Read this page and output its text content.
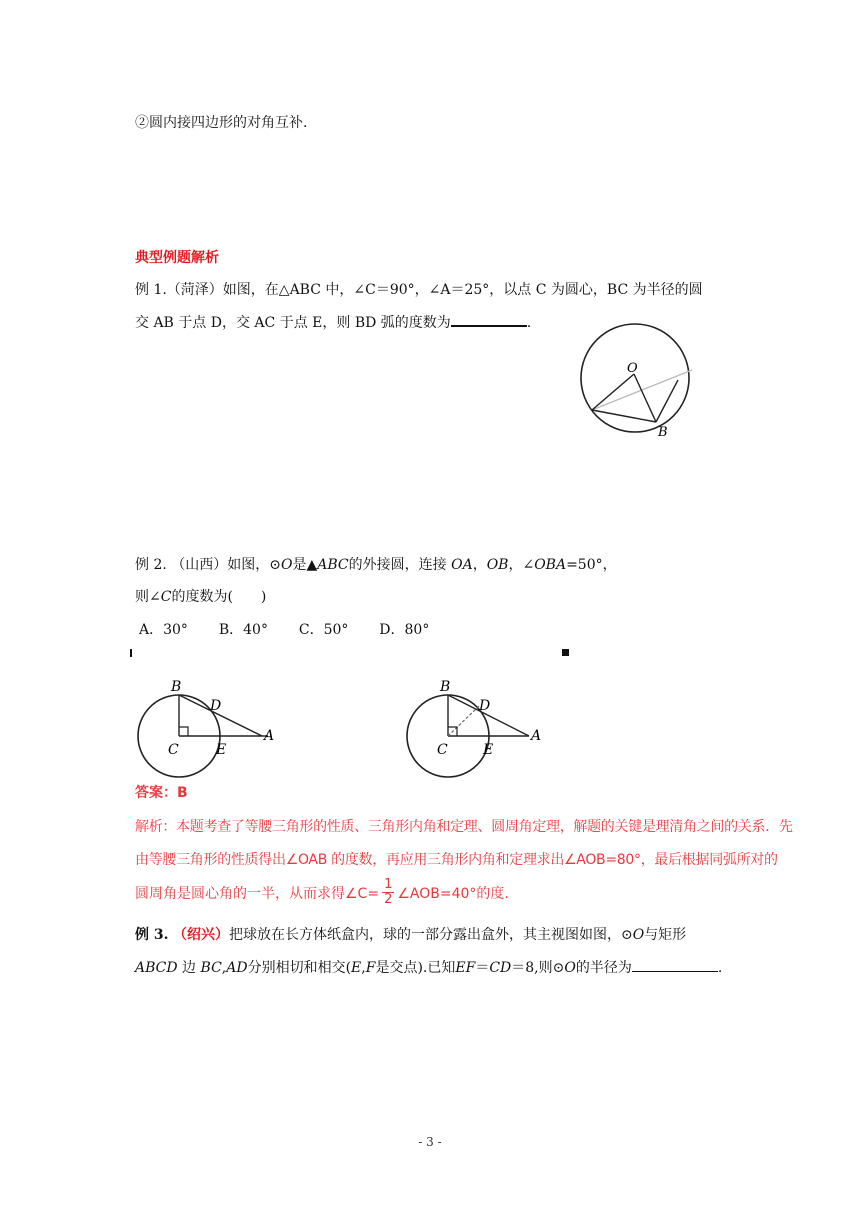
②圆内接四边形的对角互补.
典型例题解析
例 1.（菏泽）如图，在△ABC 中，∠C＝90°，∠A＝25°，以点 C 为圆心，BC 为半径的圆
交 AB 于点 D，交 AC 于点 E，则 BD 弧的度数为	.
O
B
例 2. （山西）如图，⊙O是▲ABC的外接圆，连接 OA，OB，∠OBA=50°，
则∠C的度数为(　　)
A．30° B．40° C．50° D．80°
B
D
C	E
A
B
D
C	E
A
答案：B
解析：本题考查了等腰三角形的性质、三角形内角和定理、圆周角定理，解题的关键是理清角之间的关系．先
由等腰三角形的性质得出∠OAB 的度数，再应用三角形内角和定理求出∠AOB=80°，最后根据同弧所对的
圆周角是圆心角的一半，从而求得∠C= $\frac{1}{2}$ ∠AOB=40°的度.
例 3. （绍兴）把球放在长方体纸盒内，球的一部分露出盒外，其主视图如图，⊙O与矩形
ABCD 边 BC,AD分别相切和相交(E,F是交点).已知EF＝CD＝8,则⊙O的半径为	.
- 3 -
